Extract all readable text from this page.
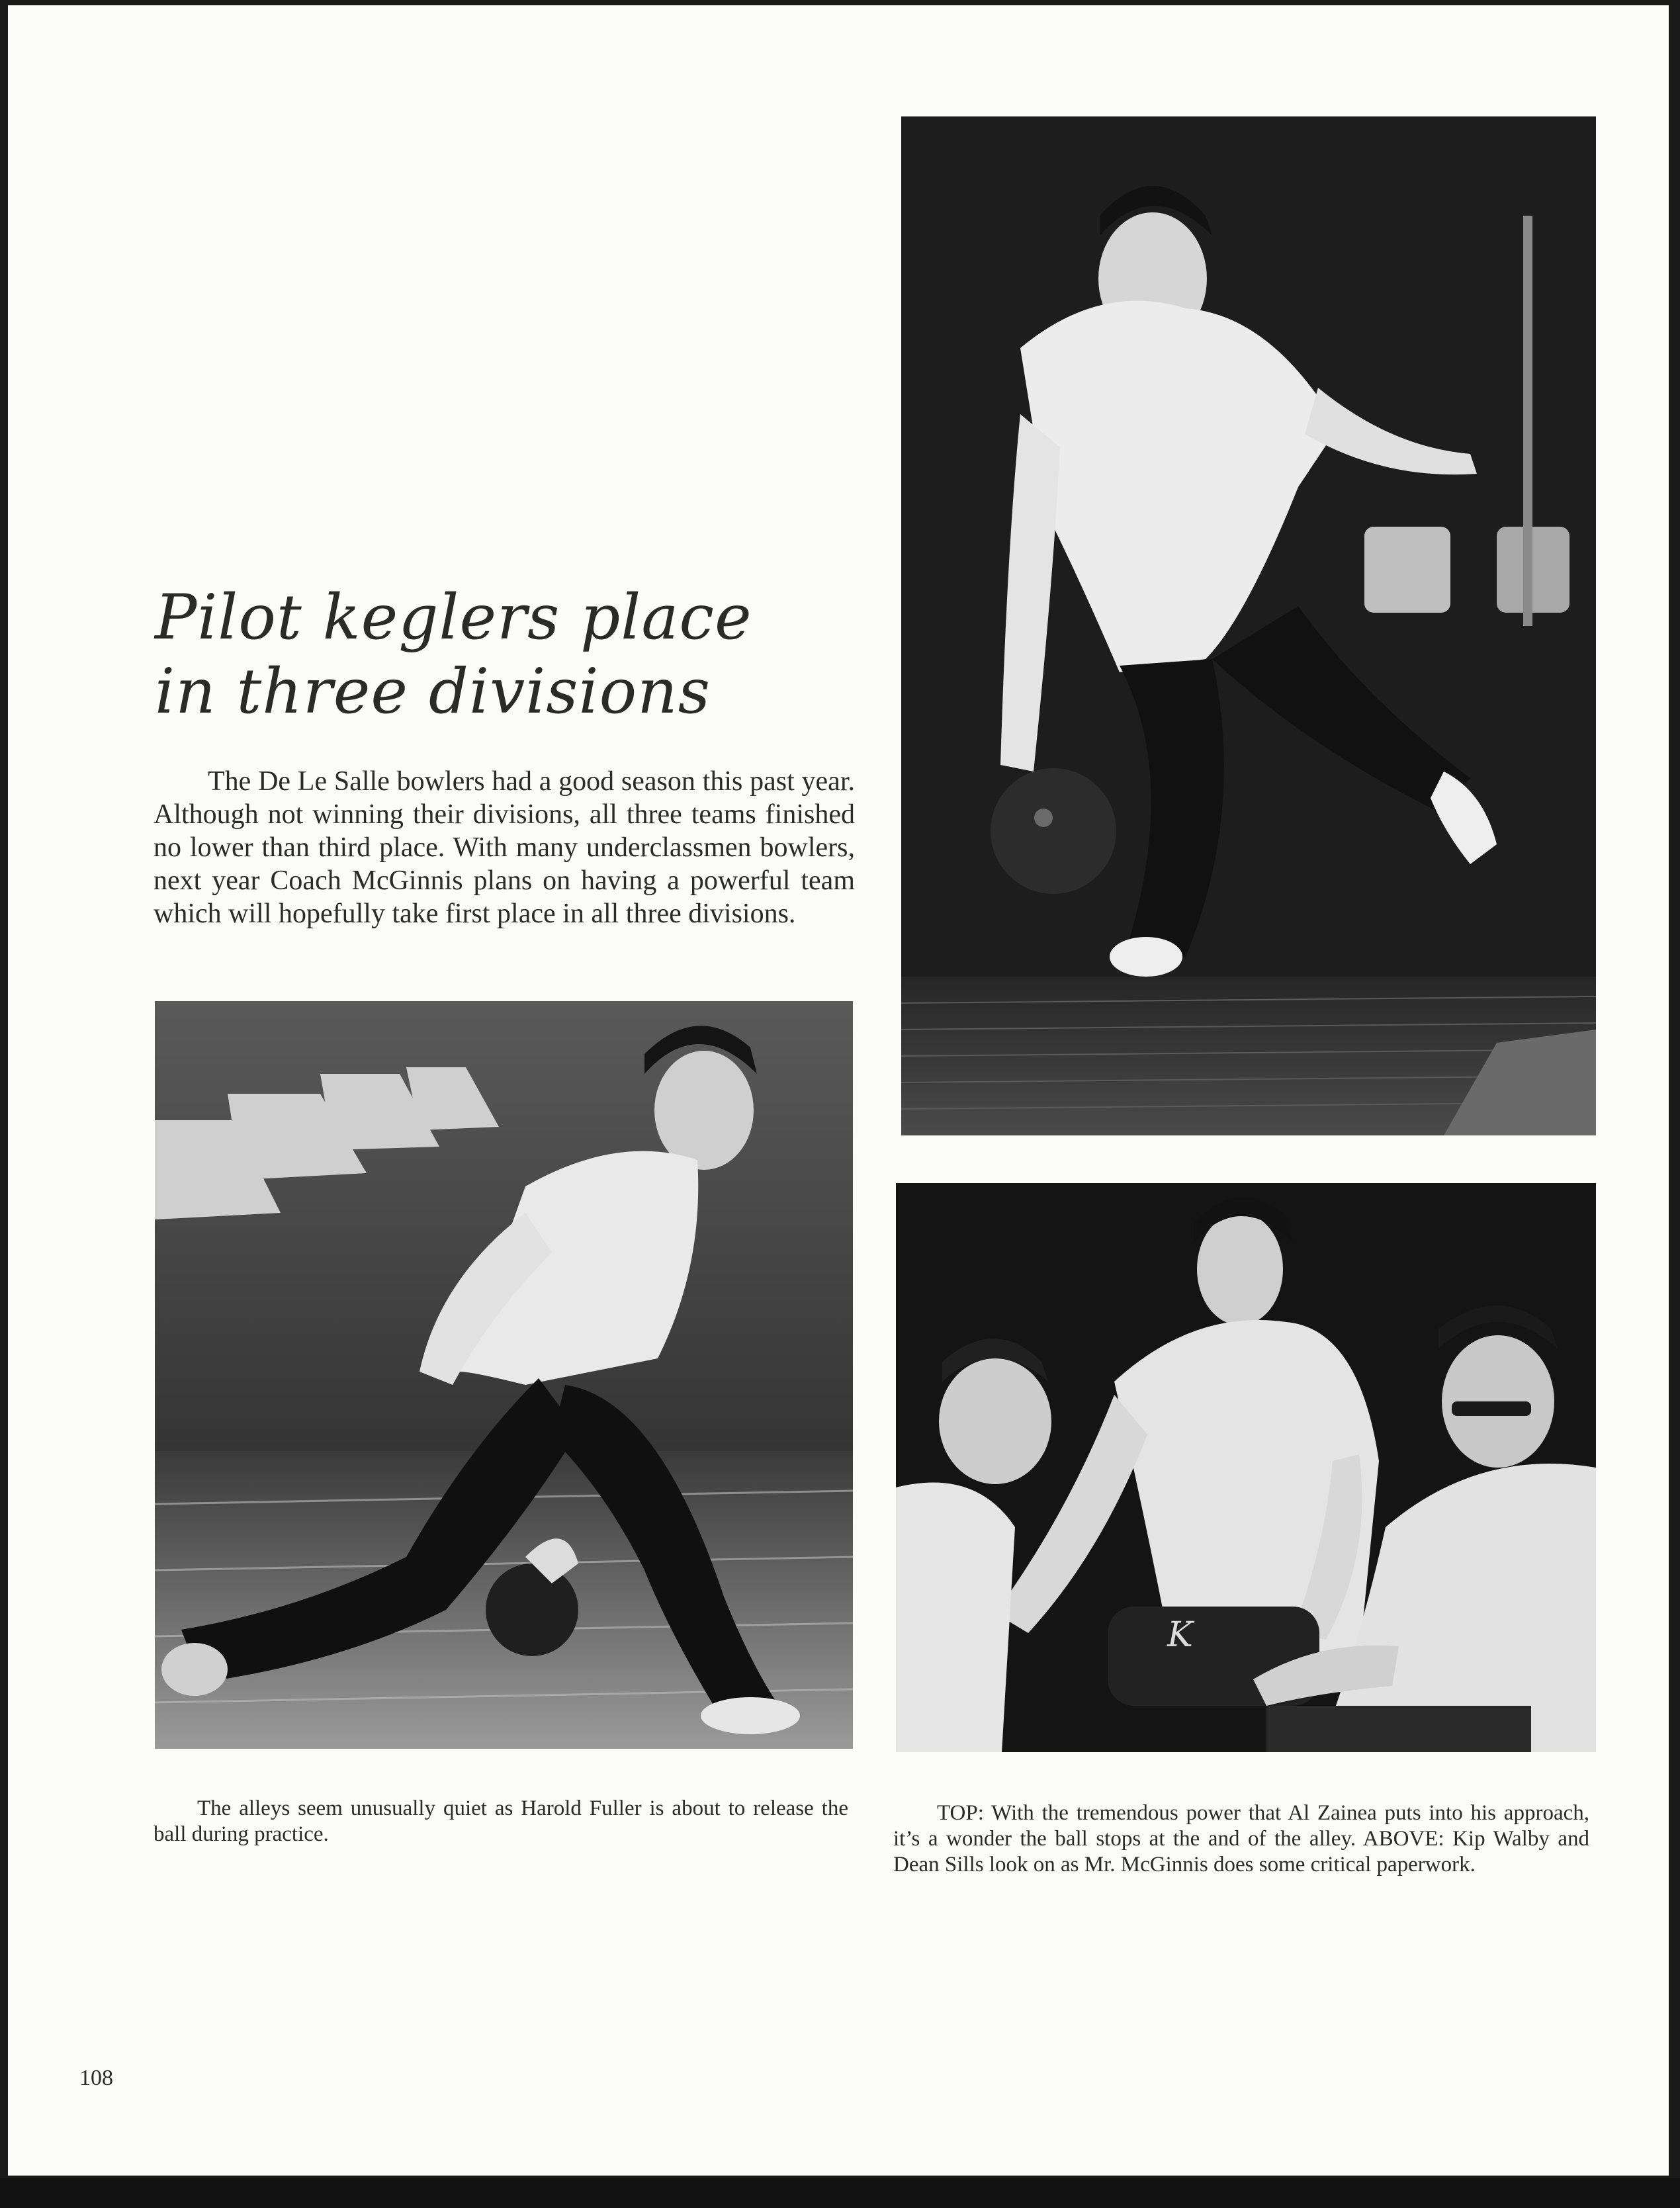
Pilot keglers place
in three divisions

The De Le Salle bowlers had a good season this past year. Although not winning their divisions, all three teams finished no lower than third place. With many underclassmen bowlers, next year Coach McGinnis plans on having a powerful team which will hopefully take first place in all three divisions.

K

The alleys seem unusually quiet as Harold Fuller is about to release the ball during practice.

TOP: With the tremendous power that Al Zainea puts into his approach, it’s a wonder the ball stops at the and of the alley. ABOVE: Kip Walby and Dean Sills look on as Mr. McGinnis does some critical paperwork.

108
